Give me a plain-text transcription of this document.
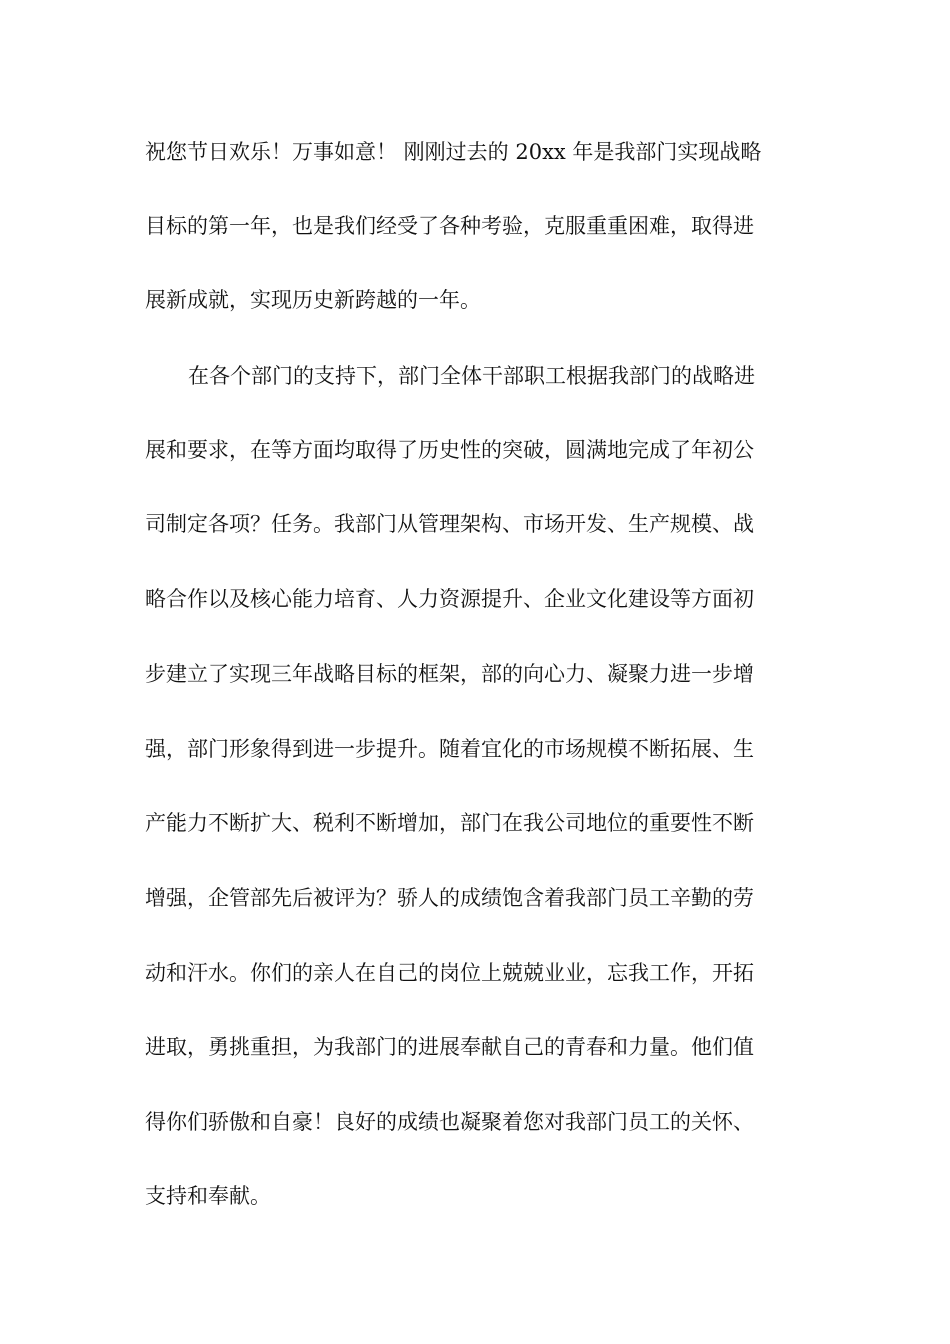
祝您节日欢乐！万事如意！ 刚刚过去的 20xx 年是我部门实现战略

目标的第一年，也是我们经受了各种考验，克服重重困难，取得进

展新成就，实现历史新跨越的一年。

在各个部门的支持下，部门全体干部职工根据我部门的战略进

展和要求，在等方面均取得了历史性的突破，圆满地完成了年初公

司制定各项？任务。我部门从管理架构、市场开发、生产规模、战

略合作以及核心能力培育、人力资源提升、企业文化建设等方面初

步建立了实现三年战略目标的框架，部的向心力、凝聚力进一步增

强，部门形象得到进一步提升。随着宜化的市场规模不断拓展、生

产能力不断扩大、税利不断增加，部门在我公司地位的重要性不断

增强，企管部先后被评为？骄人的成绩饱含着我部门员工辛勤的劳

动和汗水。你们的亲人在自己的岗位上兢兢业业，忘我工作，开拓

进取，勇挑重担，为我部门的进展奉献自己的青春和力量。他们值

得你们骄傲和自豪！良好的成绩也凝聚着您对我部门员工的关怀、

支持和奉献。
